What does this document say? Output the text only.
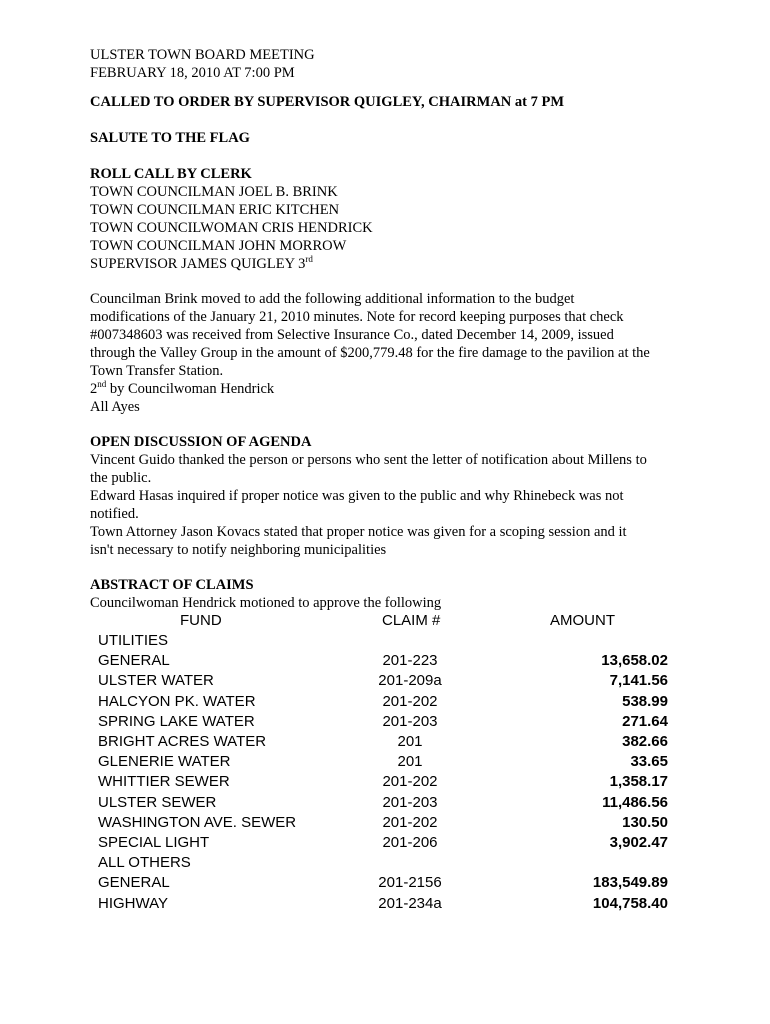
ULSTER TOWN BOARD MEETING
FEBRUARY 18, 2010 AT 7:00 PM
CALLED TO ORDER BY SUPERVISOR QUIGLEY, CHAIRMAN at 7 PM
SALUTE TO THE FLAG
ROLL CALL BY CLERK
TOWN COUNCILMAN JOEL B. BRINK
TOWN COUNCILMAN ERIC KITCHEN
TOWN COUNCILWOMAN CRIS HENDRICK
TOWN COUNCILMAN JOHN MORROW
SUPERVISOR JAMES QUIGLEY 3rd
Councilman Brink moved to add the following additional information to the budget
modifications of the January 21, 2010 minutes. Note for record keeping purposes that check
#007348603 was received from Selective Insurance Co., dated December 14, 2009, issued
through the Valley Group in the amount of $200,779.48 for the fire damage to the pavilion at the
Town Transfer Station.
2nd by Councilwoman Hendrick
All Ayes
OPEN DISCUSSION OF AGENDA
Vincent Guido thanked the person or persons who sent the letter of notification about Millens to
the public.
Edward Hasas inquired if proper notice was given to the public and why Rhinebeck was not
notified.
Town Attorney Jason Kovacs stated that proper notice was given for a scoping session and it
isn't necessary to notify neighboring municipalities
ABSTRACT OF CLAIMS
Councilwoman Hendrick motioned to approve the following
FUND	CLAIM #	AMOUNT
UTILITIES
GENERAL	201-223	13,658.02
ULSTER WATER	201-209a	7,141.56
HALCYON PK. WATER	201-202	538.99
SPRING LAKE WATER	201-203	271.64
BRIGHT ACRES WATER	201	382.66
GLENERIE WATER	201	33.65
WHITTIER SEWER	201-202	1,358.17
ULSTER SEWER	201-203	11,486.56
WASHINGTON AVE. SEWER	201-202	130.50
SPECIAL LIGHT	201-206	3,902.47
ALL OTHERS
GENERAL	201-2156	183,549.89
HIGHWAY	201-234a	104,758.40
